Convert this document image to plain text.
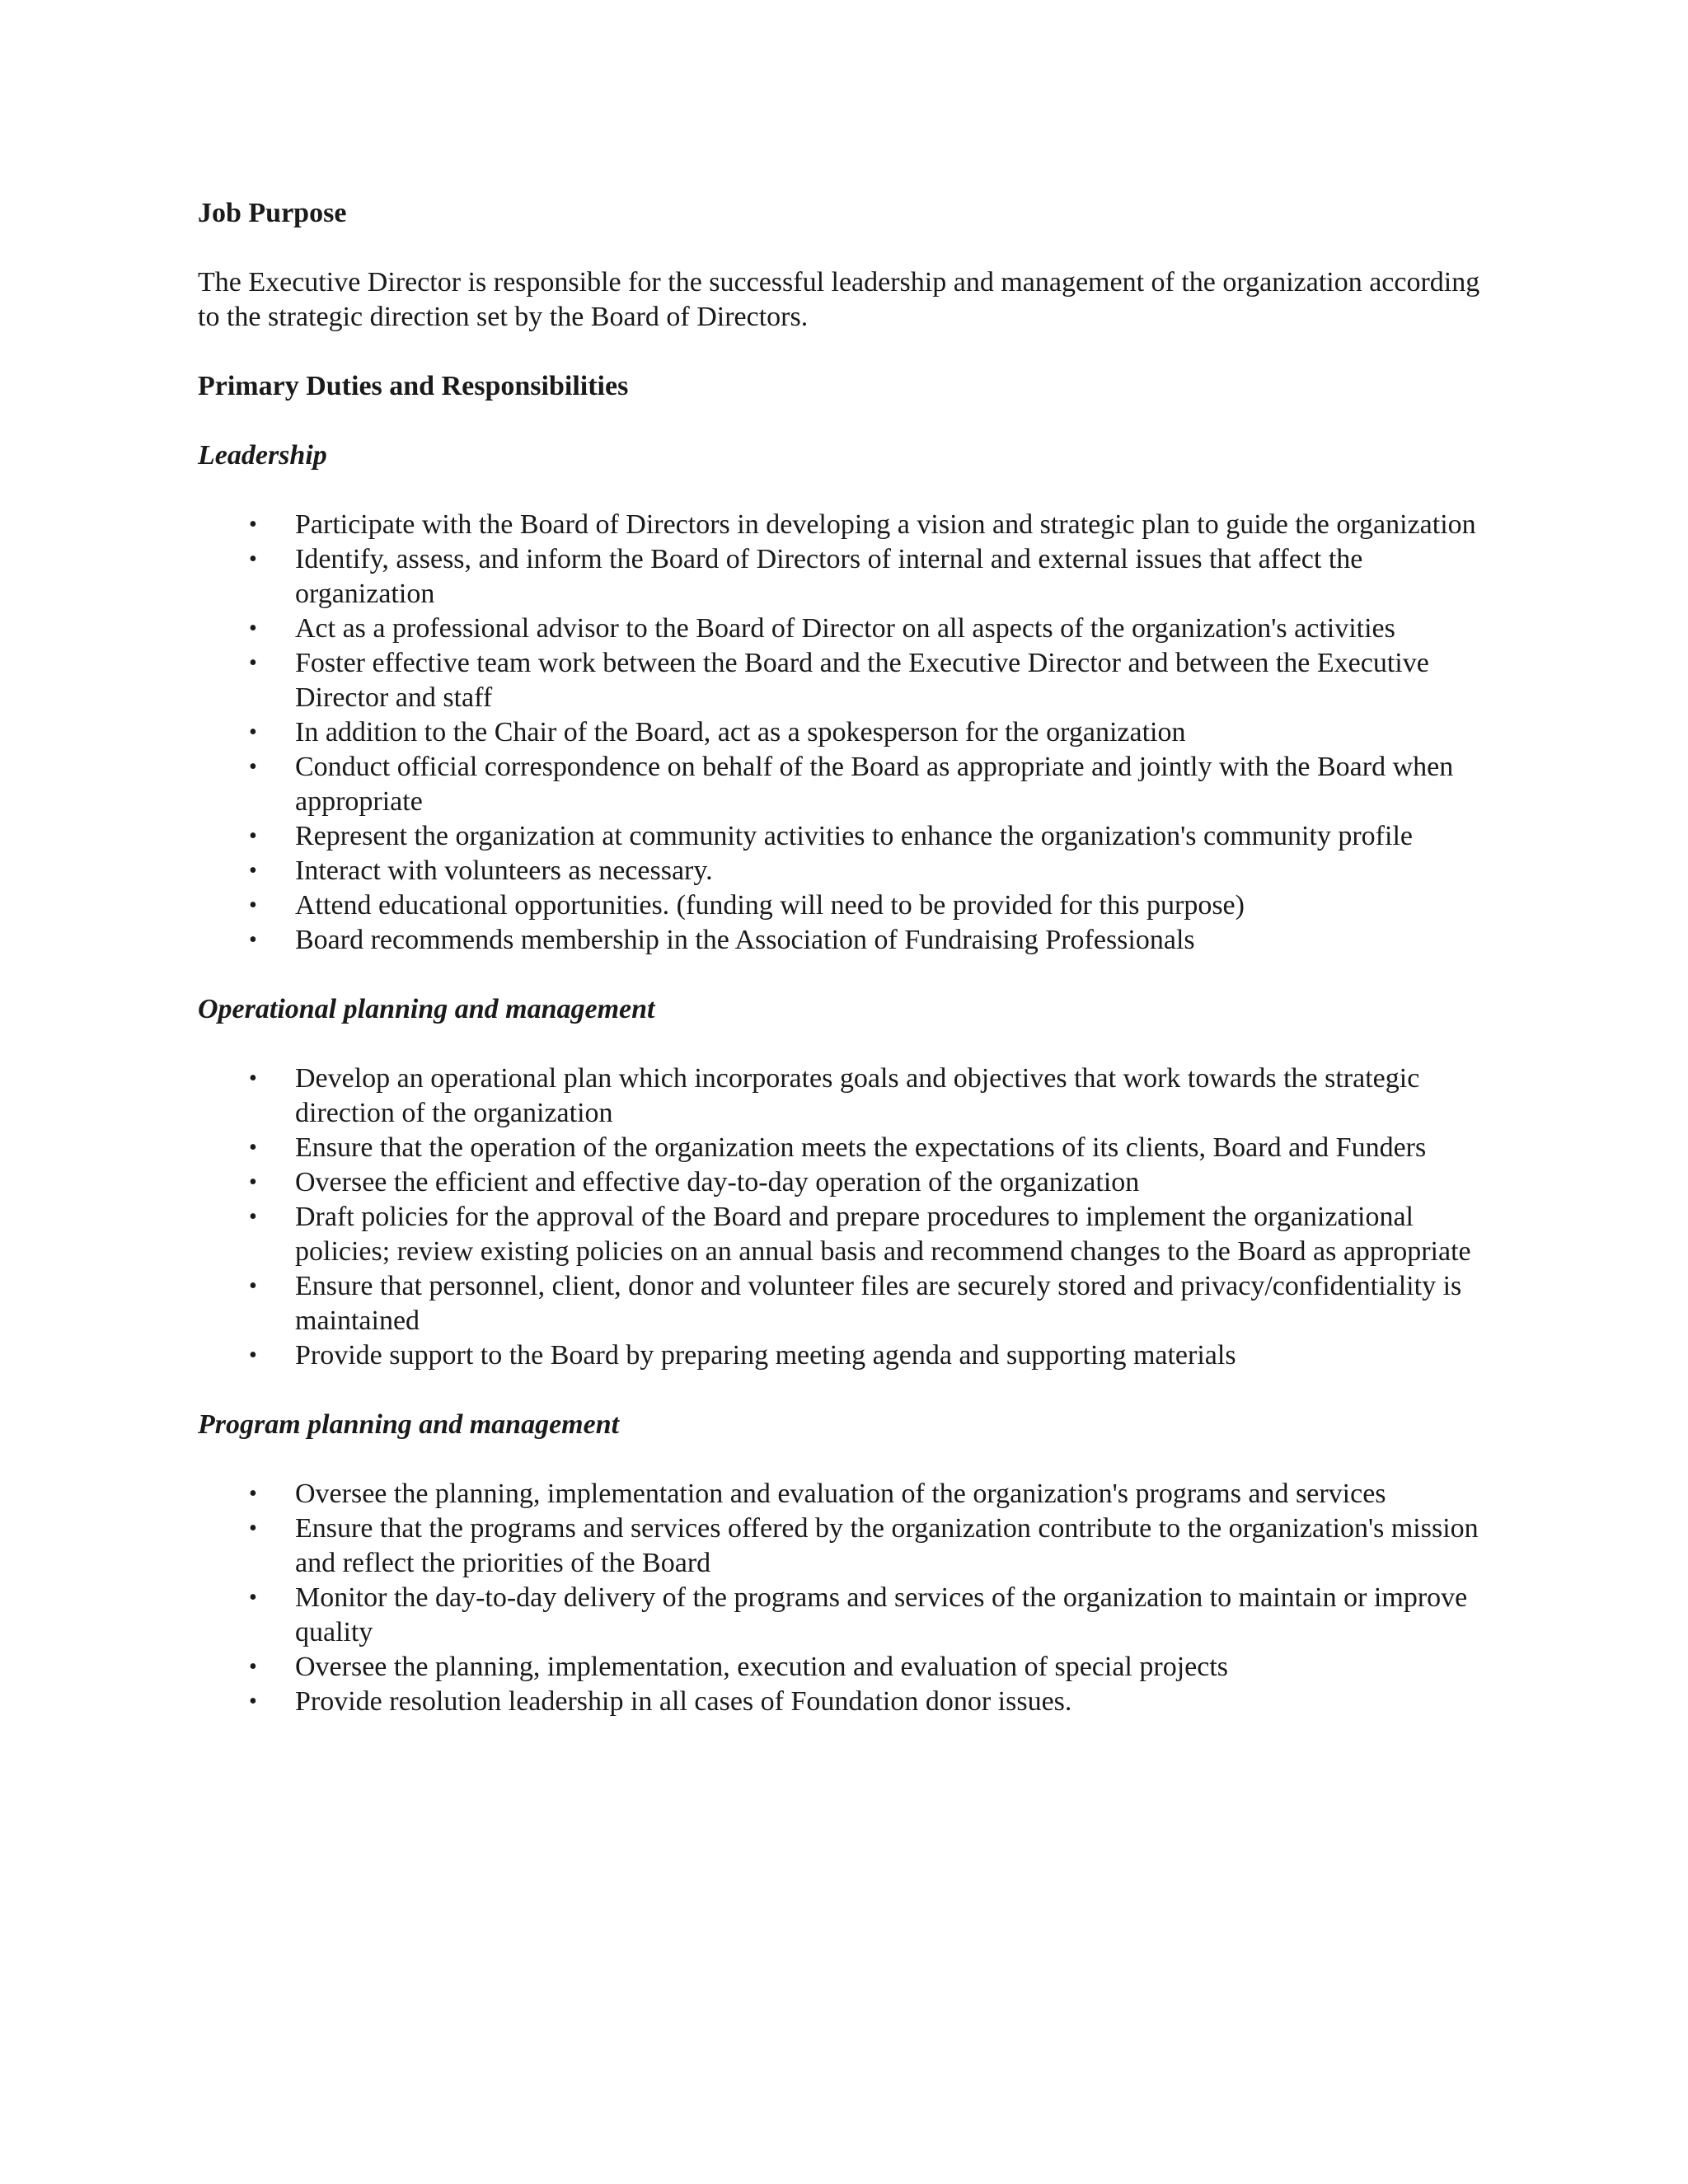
Job Purpose

The Executive Director is responsible for the successful leadership and management of the organization according to the strategic direction set by the Board of Directors.

Primary Duties and Responsibilities
Leadership
• Participate with the Board of Directors in developing a vision and strategic plan to guide the organization
• Identify, assess, and inform the Board of Directors of internal and external issues that affect the organization
• Act as a professional advisor to the Board of Director on all aspects of the organization's activities
• Foster effective team work between the Board and the Executive Director and between the Executive Director and staff
• In addition to the Chair of the Board, act as a spokesperson for the organization
• Conduct official correspondence on behalf of the Board as appropriate and jointly with the Board when appropriate
• Represent the organization at community activities to enhance the organization's community profile
• Interact with volunteers as necessary.
• Attend educational opportunities. (funding will need to be provided for this purpose)
• Board recommends membership in the Association of Fundraising Professionals
Operational planning and management
• Develop an operational plan which incorporates goals and objectives that work towards the strategic direction of the organization
• Ensure that the operation of the organization meets the expectations of its clients, Board and Funders
• Oversee the efficient and effective day-to-day operation of the organization
• Draft policies for the approval of the Board and prepare procedures to implement the organizational policies; review existing policies on an annual basis and recommend changes to the Board as appropriate
• Ensure that personnel, client, donor and volunteer files are securely stored and privacy/confidentiality is maintained
• Provide support to the Board by preparing meeting agenda and supporting materials
Program planning and management
• Oversee the planning, implementation and evaluation of the organization's programs and services
• Ensure that the programs and services offered by the organization contribute to the organization's mission and reflect the priorities of the Board
• Monitor the day-to-day delivery of the programs and services of the organization to maintain or improve quality
• Oversee the planning, implementation, execution and evaluation of special projects
• Provide resolution leadership in all cases of Foundation donor issues.
